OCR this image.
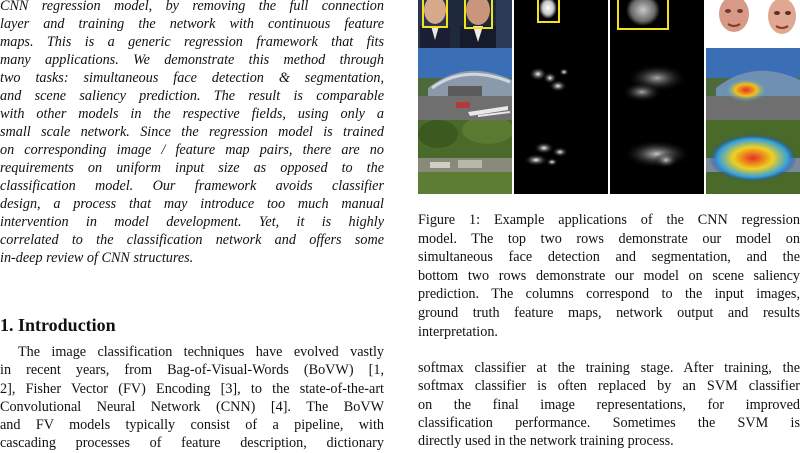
CNN regression model, by removing the full connection
layer and training the network with continuous feature
maps. This is a generic regression framework that fits
many applications. We demonstrate this method through
two tasks: simultaneous face detection & segmentation,
and scene saliency prediction. The result is comparable
with other models in the respective fields, using only a
small scale network. Since the regression model is trained
on corresponding image / feature map pairs, there are no
requirements on uniform input size as opposed to the
classification model. Our framework avoids classifier
design, a process that may introduce too much manual
intervention in model development. Yet, it is highly
correlated to the classification network and offers some
in-deep review of CNN structures.

1. Introduction

The image classification techniques have evolved vastly
in recent years, from Bag-of-Visual-Words (BoVW) [1,
2], Fisher Vector (FV) Encoding [3], to the state-of-the-art
Convolutional Neural Network (CNN) [4]. The BoVW
and FV models typically consist of a pipeline, with
cascading processes of feature description, dictionary

Figure 1: Example applications of the CNN regression
model. The top two rows demonstrate our model on
simultaneous face detection and segmentation, and the
bottom two rows demonstrate our model on scene saliency
prediction. The columns correspond to the input images,
ground truth feature maps, network output and results
interpretation.

softmax classifier at the training stage. After training, the
softmax classifier is often replaced by an SVM classifier
on the final image representations, for improved
classification performance. Sometimes the SVM is
directly used in the network training process.
